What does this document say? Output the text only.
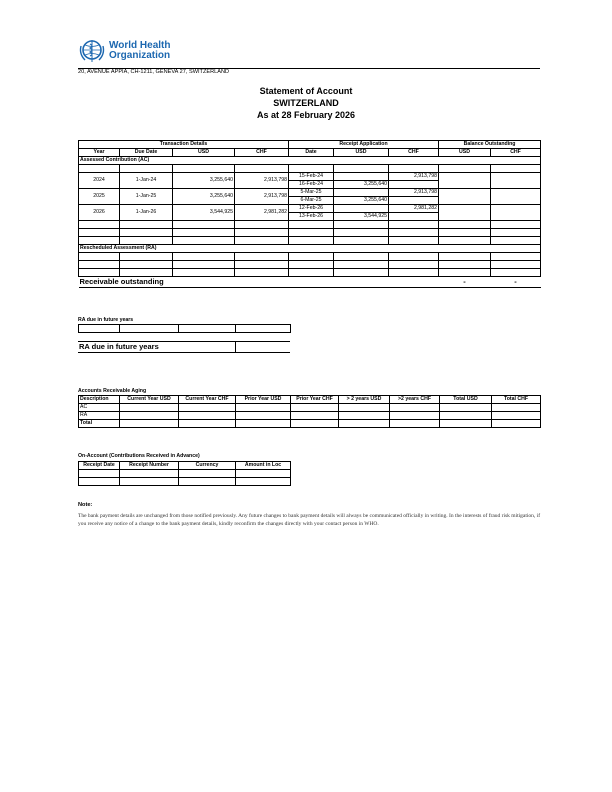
World Health
Organization
20, AVENUE APPIA, CH-1211, GENEVA 27, SWITZERLAND
Statement of Account
SWITZERLAND
As at 28 February 2026
Transaction Details				Receipt Application			Balance Outstanding	
Year	Due Date	USD	CHF	Date	USD	CHF	USD	CHF
Assessed Contribution (AC)								

2024	1-Jan-24	3,255,640	2,913,798	15-Feb-24		2,913,798		
				16-Feb-24	3,255,640			
2025	1-Jan-25	3,255,640	2,913,798	5-Mar-25		2,913,798		
				6-Mar-25	3,255,640			
2026	1-Jan-26	3,544,925	2,981,282	12-Feb-26		2,981,282		
				13-Feb-26	3,544,925			

Rescheduled Assessment (RA)								

Receivable outstanding							-	-
RA due in future years

RA due in future years	
Accounts Receivable Aging
Description	Current Year USD	Current Year CHF	Prior Year USD	Prior Year CHF	> 2 years USD	>2 years CHF	Total USD	Total CHF
AC								
RA								
Total								
On-Account (Contributions Received in Advance)
Receipt Date	Receipt Number	Currency	Amount in Loc

Note:
The bank payment details are unchanged from those notified previously. Any future changes to bank payment details will always be communicated officially in writing. In the interests of fraud risk mitigation, if you receive any notice of a change to the bank payment details, kindly reconfirm the changes directly with your contact person in WHO.
